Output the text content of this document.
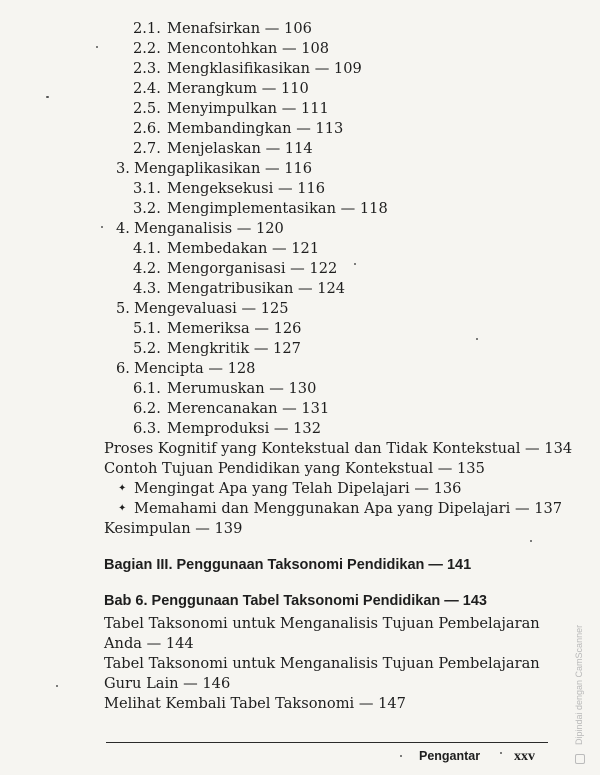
2.1. Menafsirkan — 106
2.2. Mencontohkan — 108
2.3. Mengklasifikasikan — 109
2.4. Merangkum — 110
2.5. Menyimpulkan — 111
2.6. Membandingkan — 113
2.7. Menjelaskan — 114
3. Mengaplikasikan — 116
3.1. Mengeksekusi — 116
3.2. Mengimplementasikan — 118
4. Menganalisis — 120
4.1. Membedakan — 121
4.2. Mengorganisasi — 122
4.3. Mengatribusikan — 124
5. Mengevaluasi — 125
5.1. Memeriksa — 126
5.2. Mengkritik — 127
6. Mencipta — 128
6.1. Merumuskan — 130
6.2. Merencanakan — 131
6.3. Memproduksi — 132
Proses Kognitif yang Kontekstual dan Tidak Kontekstual — 134
Contoh Tujuan Pendidikan yang Kontekstual — 135
✦ Mengingat Apa yang Telah Dipelajari — 136
✦ Memahami dan Menggunakan Apa yang Dipelajari — 137
Kesimpulan — 139
Bagian III. Penggunaan Taksonomi Pendidikan — 141
Bab 6. Penggunaan Tabel Taksonomi Pendidikan — 143
Tabel Taksonomi untuk Menganalisis Tujuan Pembelajaran
Anda — 144
Tabel Taksonomi untuk Menganalisis Tujuan Pembelajaran
Guru Lain — 146
Melihat Kembali Tabel Taksonomi — 147
Pengantar xxv
Dipindai dengan CamScanner
